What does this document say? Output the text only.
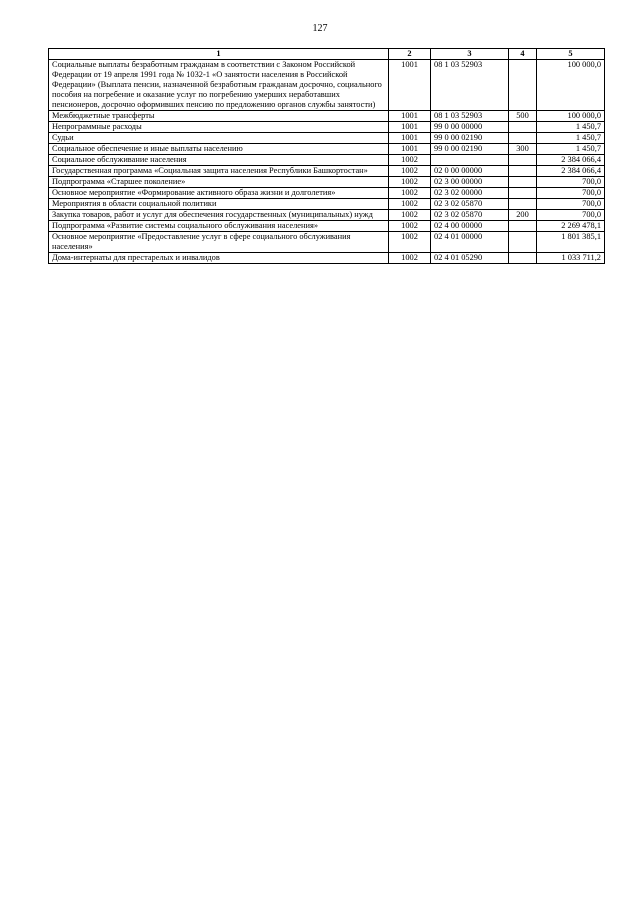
127
1	2	3	4	5
Социальные выплаты безработным гражданам в соответствии с Законом Российской Федерации от 19 апреля 1991 года № 1032-1 «О занятости населения в Российской Федерации» (Выплата пенсии, назначенной безработным гражданам досрочно, социального пособия на погребение и оказание услуг по погребению умерших неработавших пенсионеров, досрочно оформивших пенсию по предложению органов службы занятости)	1001	08 1 03 52903		100 000,0
Межбюджетные трансферты	1001	08 1 03 52903	500	100 000,0
Непрограммные расходы	1001	99 0 00 00000		1 450,7
Судьи	1001	99 0 00 02190		1 450,7
Социальное обеспечение и иные выплаты населению	1001	99 0 00 02190	300	1 450,7
Социальное обслуживание населения	1002			2 384 066,4
Государственная программа «Социальная защита населения Республики Башкортостан»	1002	02 0 00 00000		2 384 066,4
Подпрограмма «Старшее поколение»	1002	02 3 00 00000		700,0
Основное мероприятие «Формирование активного образа жизни и долголетия»	1002	02 3 02 00000		700,0
Мероприятия в области социальной политики	1002	02 3 02 05870		700,0
Закупка товаров, работ и услуг для обеспечения государственных (муниципальных) нужд	1002	02 3 02 05870	200	700,0
Подпрограмма «Развитие системы социального обслуживания населения»	1002	02 4 00 00000		2 269 478,1
Основное мероприятие «Предоставление услуг в сфере социального обслуживания населения»	1002	02 4 01 00000		1 801 385,1
Дома-интернаты для престарелых и инвалидов	1002	02 4 01 05290		1 033 711,2
